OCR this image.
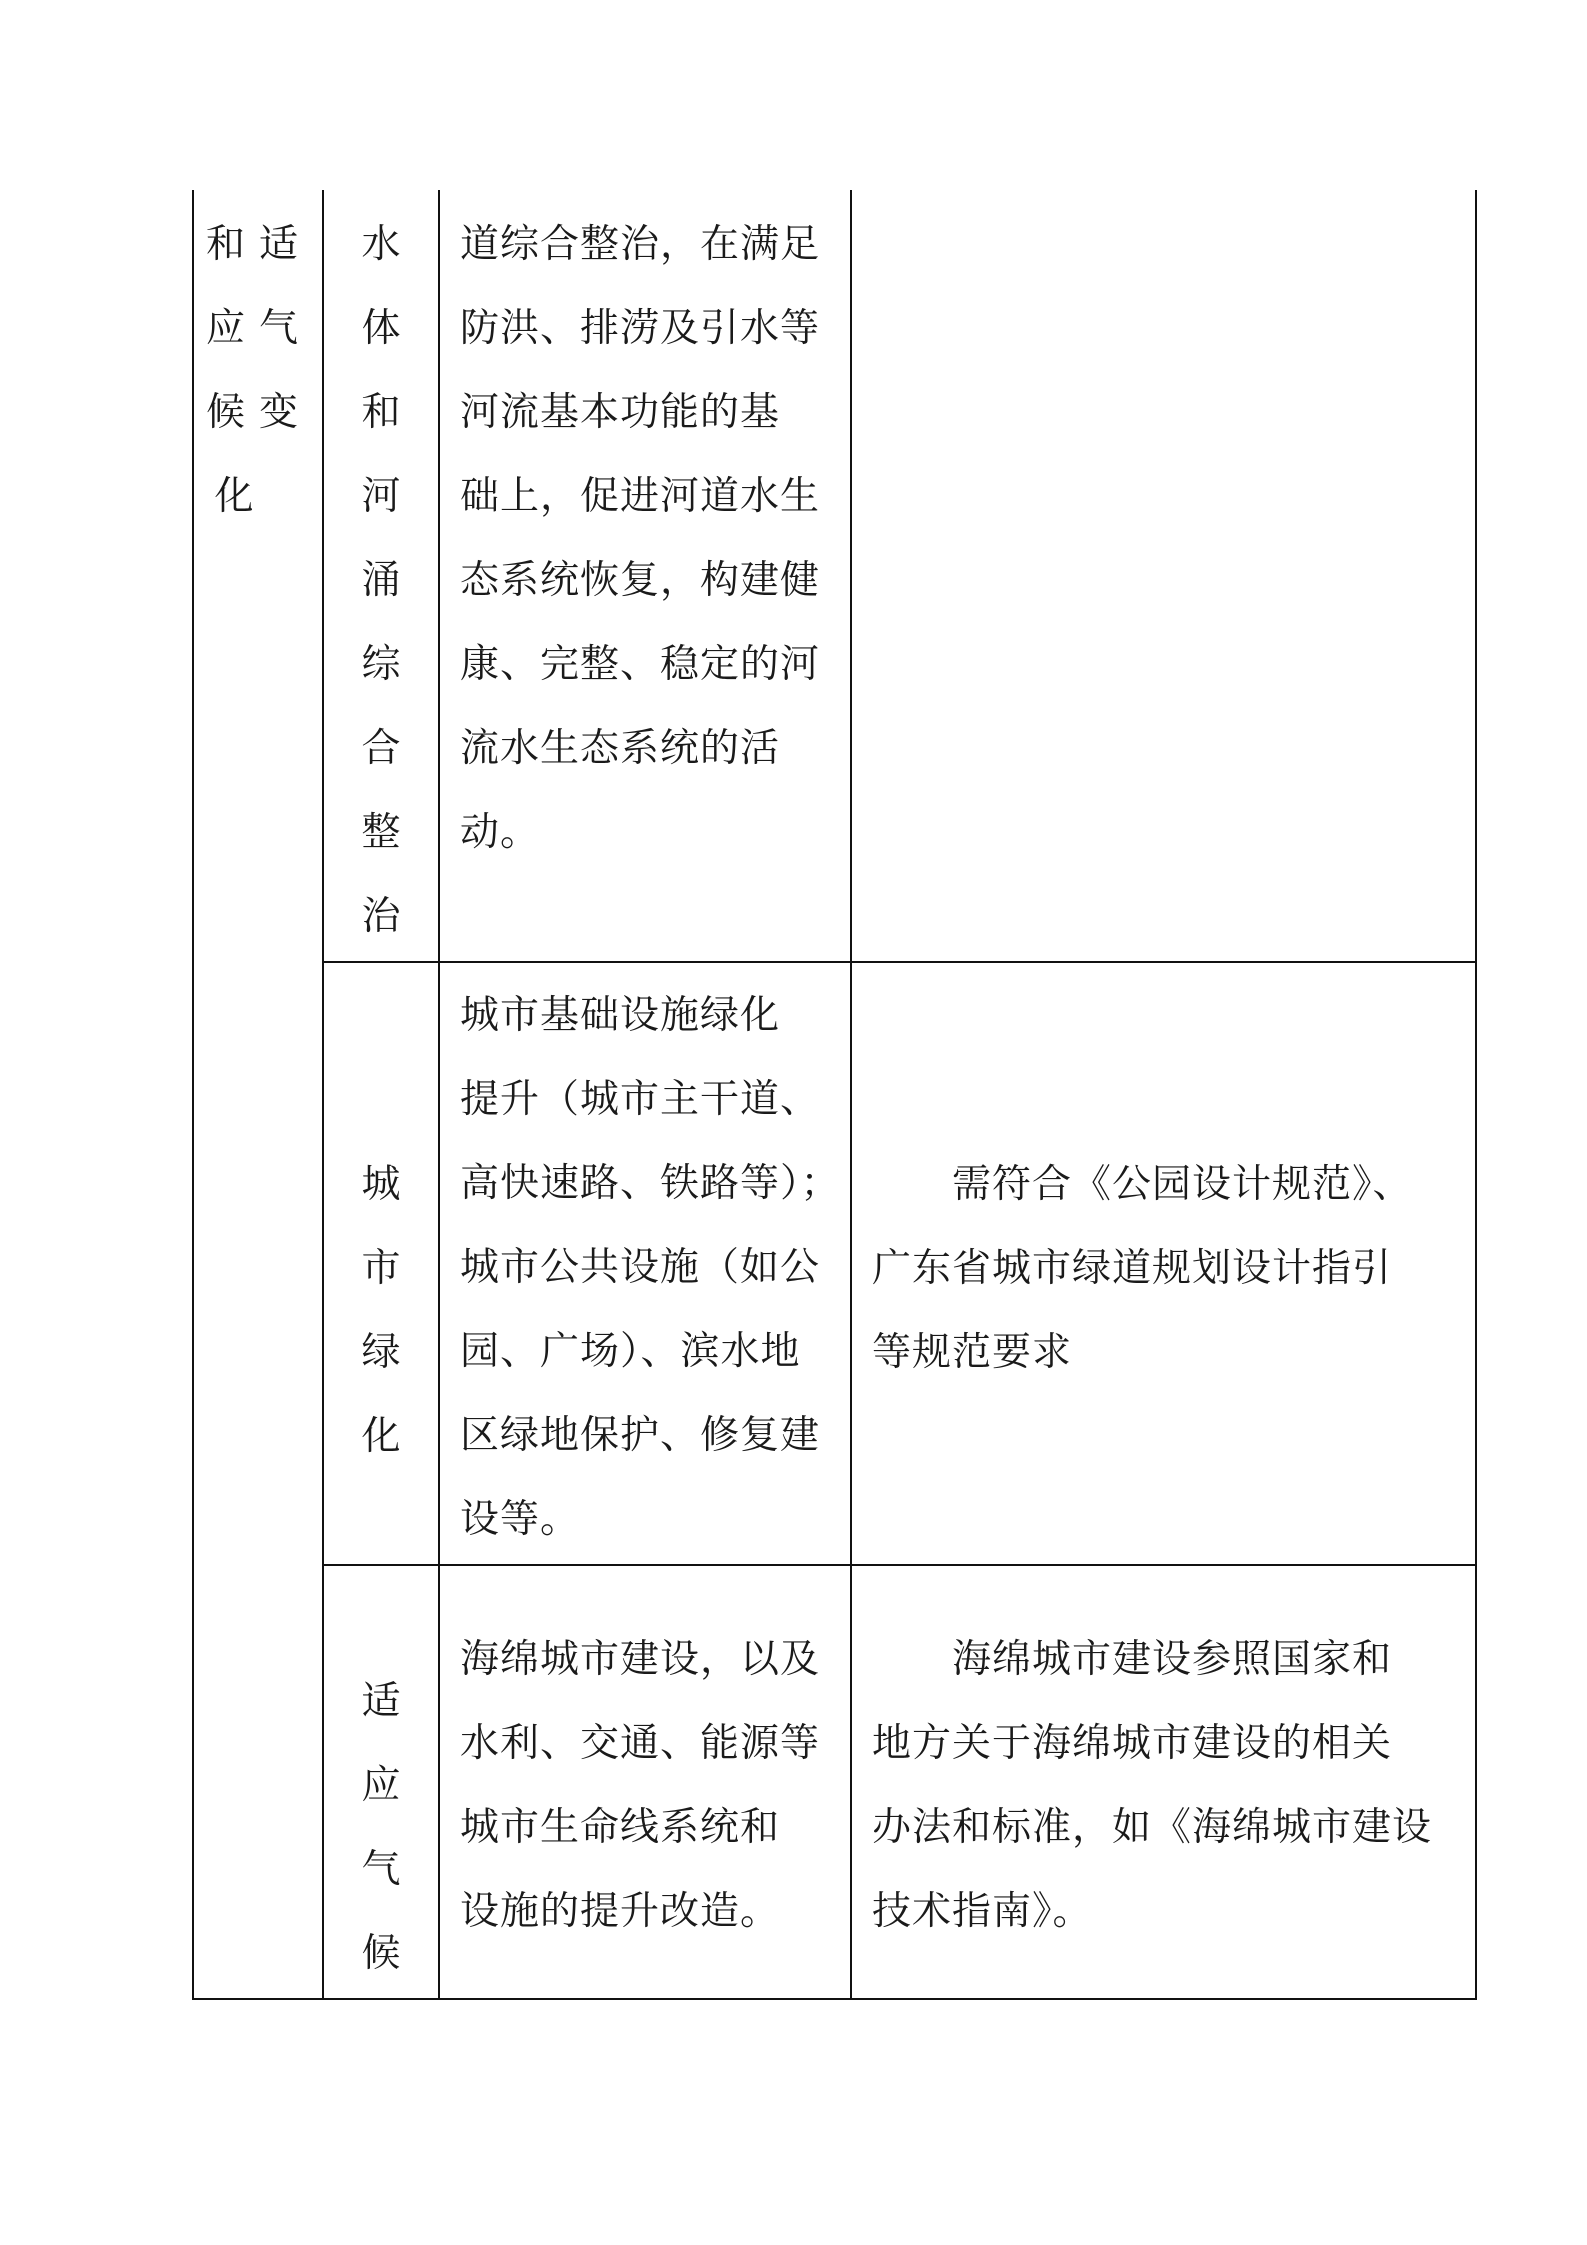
和适
应气
候变
化
水
体
和
河
涌
综
合
整
治
道综合整治，在满足
防洪、排涝及引水等
河流基本功能的基
础上，促进河道水生
态系统恢复，构建健
康、完整、稳定的河
流水生态系统的活
动。
城
市
绿
化
城市基础设施绿化
提升（城市主干道、
高快速路、铁路等）；
城市公共设施（如公
园、广场）、滨水地
区绿地保护、修复建
设等。
　　需符合《公园设计规范》、
广东省城市绿道规划设计指引
等规范要求
适
应
气
候
海绵城市建设，以及
水利、交通、能源等
城市生命线系统和
设施的提升改造。
　　海绵城市建设参照国家和
地方关于海绵城市建设的相关
办法和标准，如《海绵城市建设
技术指南》。
